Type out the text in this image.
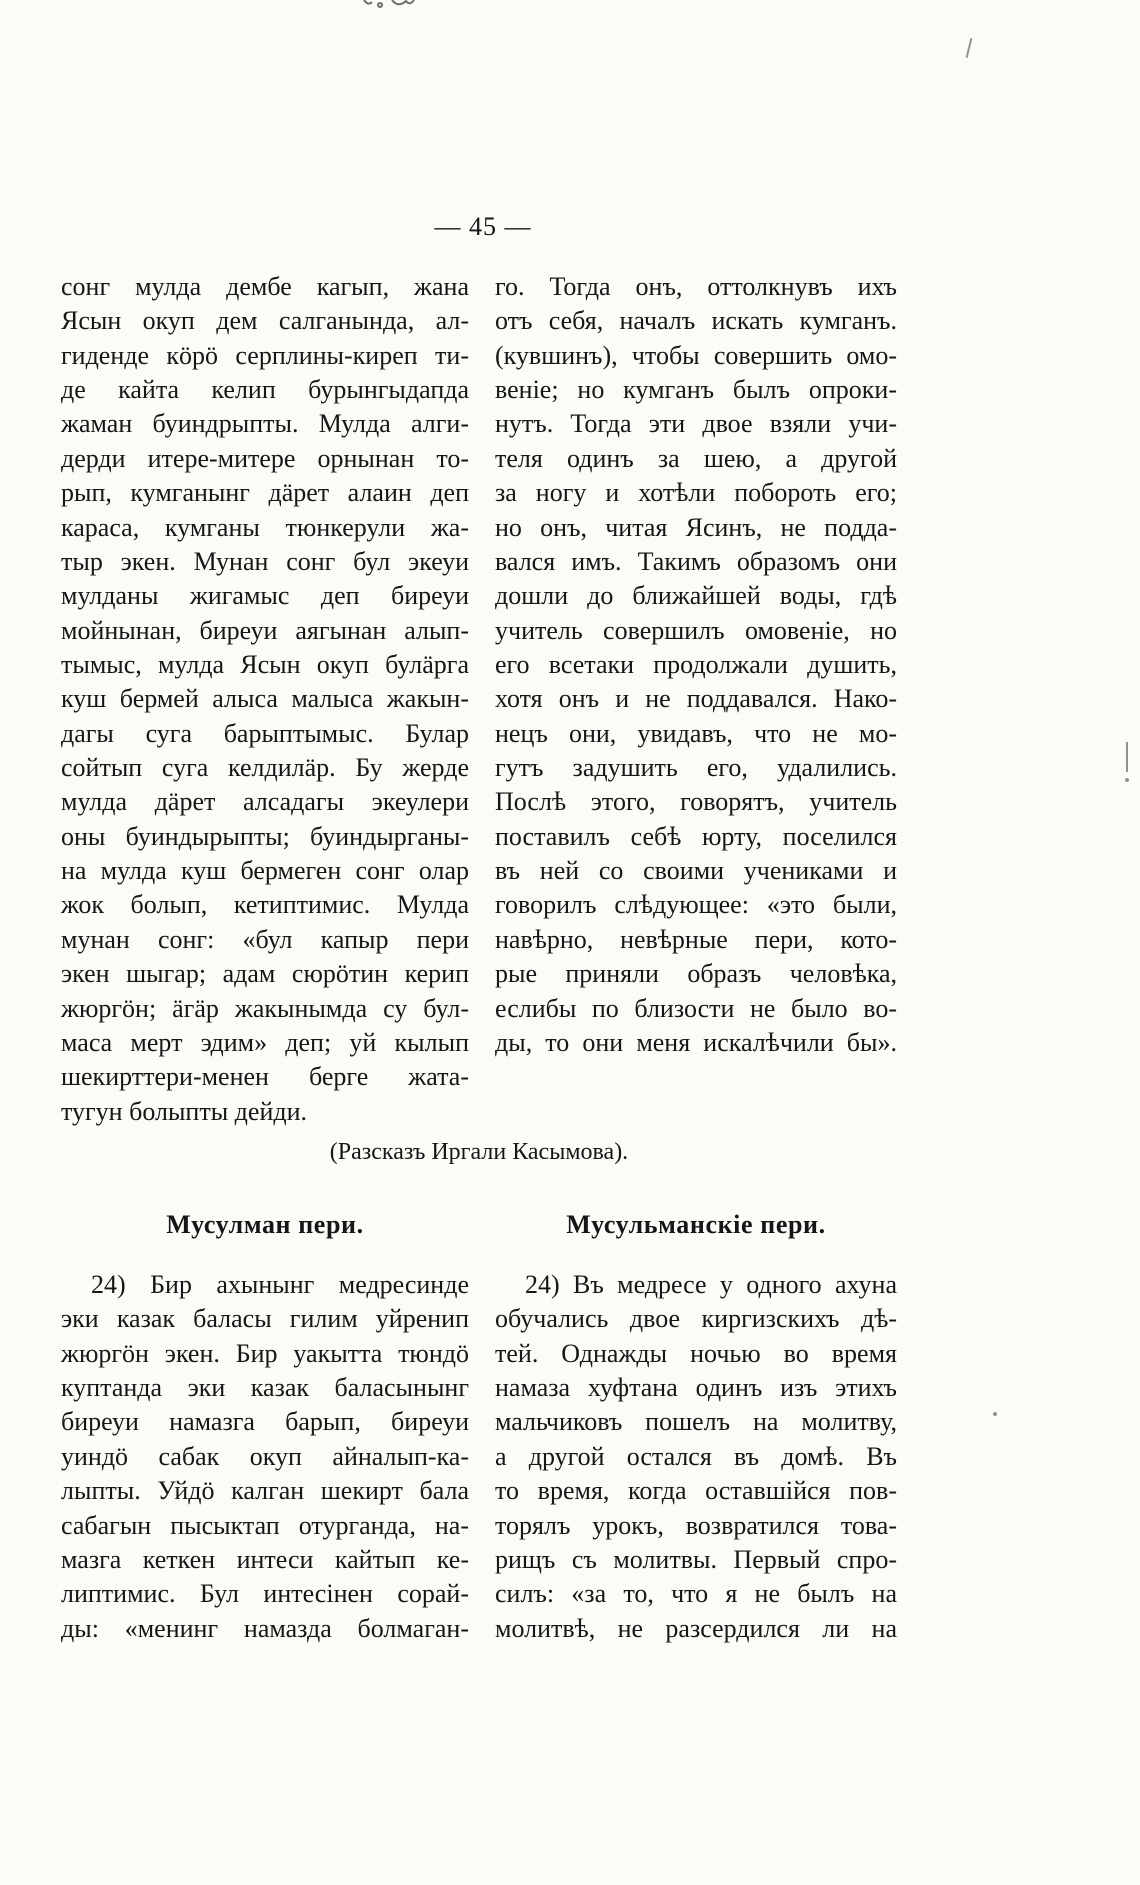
— 45 —
сонг мулда дембе кагып, жана
Ясын окуп дем салганында, ал-
гиденде кӧрӧ серплины-киреп ти-
де кайта келип бурынгыдапда
жаман буиндрыпты. Мулда алги-
дерди итере-митере орнынан то-
рып, кумганынг дӓрет алаин деп
караса, кумганы тюнкерули жа-
тыр экен. Мунан сонг бул экеуи
мулданы жигамыс деп биреуи
мойнынан, биреуи аягынан алып-
тымыс, мулда Ясын окуп булӓрга
куш бермей алыса малыса жакын-
дагы суга барыптымыс. Булар
сойтып суга келдилӓр. Бу жерде
мулда дӓрет алсадагы экеулери
оны буиндырыпты; буиндырганы-
на мулда куш бермеген сонг олар
жок болып, кетиптимис. Мулда
мунан сонг: «бул капыр пери
экен шыгар; адам сюрӧтин керип
жюргӧн; ӓгӓр жакынымда су бул-
маса мерт эдим» деп; уй кылып
шекирттери-менен берге жата-
тугун болыпты дейди.
го. Тогда онъ, оттолкнувъ ихъ
отъ себя, началъ искать кумганъ.
(кувшинъ), чтобы совершить омо-
веніе; но кумганъ былъ опроки-
нутъ. Тогда эти двое взяли учи-
теля одинъ за шею, а другой
за ногу и хотѣли побороть его;
но онъ, читая Ясинъ, не подда-
вался имъ. Такимъ образомъ они
дошли до ближайшей воды, гдѣ
учитель совершилъ омовеніе, но
его всетаки продолжали душить,
хотя онъ и не поддавался. Нако-
нецъ они, увидавъ, что не мо-
гутъ задушить его, удалились.
Послѣ этого, говорятъ, учитель
поставилъ себѣ юрту, поселился
въ ней со своими учениками и
говорилъ слѣдующее: «это были,
навѣрно, невѣрные пери, кото-
рые приняли образъ человѣка,
еслибы по близости не было во-
ды, то они меня искалѣчили бы».
(Разсказъ Иргали Касымова).
Мусулман пери.	Мусульманскіе пери.
24) Бир ахынынг медресинде
эки казак баласы гилим уйренип
жюргӧн экен. Бир уакытта тюндӧ
куптанда эки казак баласынынг
биреуи намазга барып, биреуи
уиндӧ сабак окуп айналып-ка-
лыпты. Уйдӧ калган шекирт бала
сабагын пысыктап отурганда, на-
мазга кеткен интеси кайтып ке-
липтимис. Бул интесінен сорай-
ды: «менинг намазда болмаган-
24) Въ медресе у одного ахуна
обучались двое киргизскихъ дѣ-
тей. Однажды ночью во время
намаза хуфтана одинъ изъ этихъ
мальчиковъ пошелъ на молитву,
а другой остался въ домѣ. Въ
то время, когда оставшійся пов-
торялъ урокъ, возвратился това-
рищъ съ молитвы. Первый спро-
силъ: «за то, что я не былъ на
молитвѣ, не разсердился ли на
